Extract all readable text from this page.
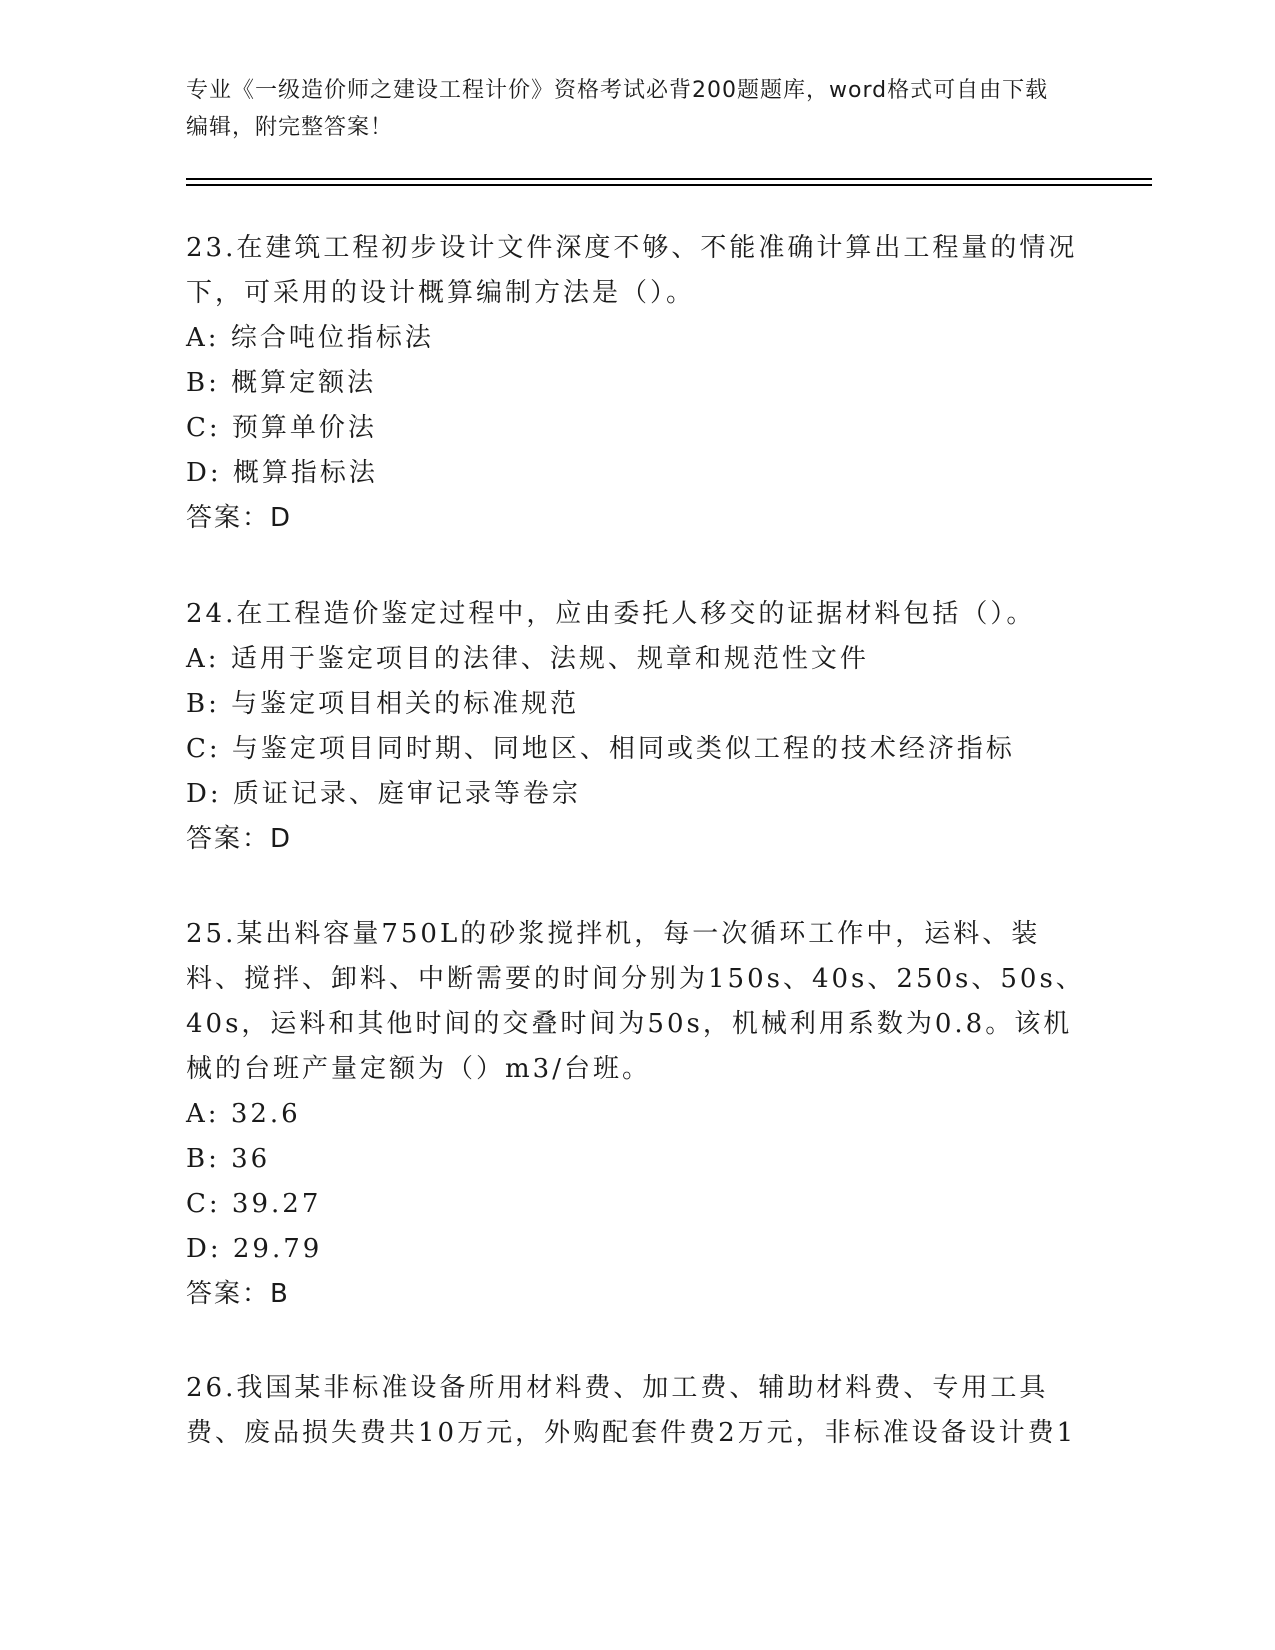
专业《一级造价师之建设工程计价》资格考试必背200题题库，word格式可自由下载编辑，附完整答案！

23.在建筑工程初步设计文件深度不够、不能准确计算出工程量的情况下，可采用的设计概算编制方法是（）。

A: 综合吨位指标法

B: 概算定额法

C: 预算单价法

D: 概算指标法

答案：D

24.在工程造价鉴定过程中，应由委托人移交的证据材料包括（）。

A: 适用于鉴定项目的法律、法规、规章和规范性文件

B: 与鉴定项目相关的标准规范

C: 与鉴定项目同时期、同地区、相同或类似工程的技术经济指标

D: 质证记录、庭审记录等卷宗

答案：D

25.某出料容量750L的砂浆搅拌机，每一次循环工作中，运料、装料、搅拌、卸料、中断需要的时间分别为150s、40s、250s、50s、40s，运料和其他时间的交叠时间为50s，机械利用系数为0.8。该机械的台班产量定额为（）m3/台班。

A: 32.6

B: 36

C: 39.27

D: 29.79

答案：B

26.我国某非标准设备所用材料费、加工费、辅助材料费、专用工具费、废品损失费共10万元，外购配套件费2万元，非标准设备设计费1
